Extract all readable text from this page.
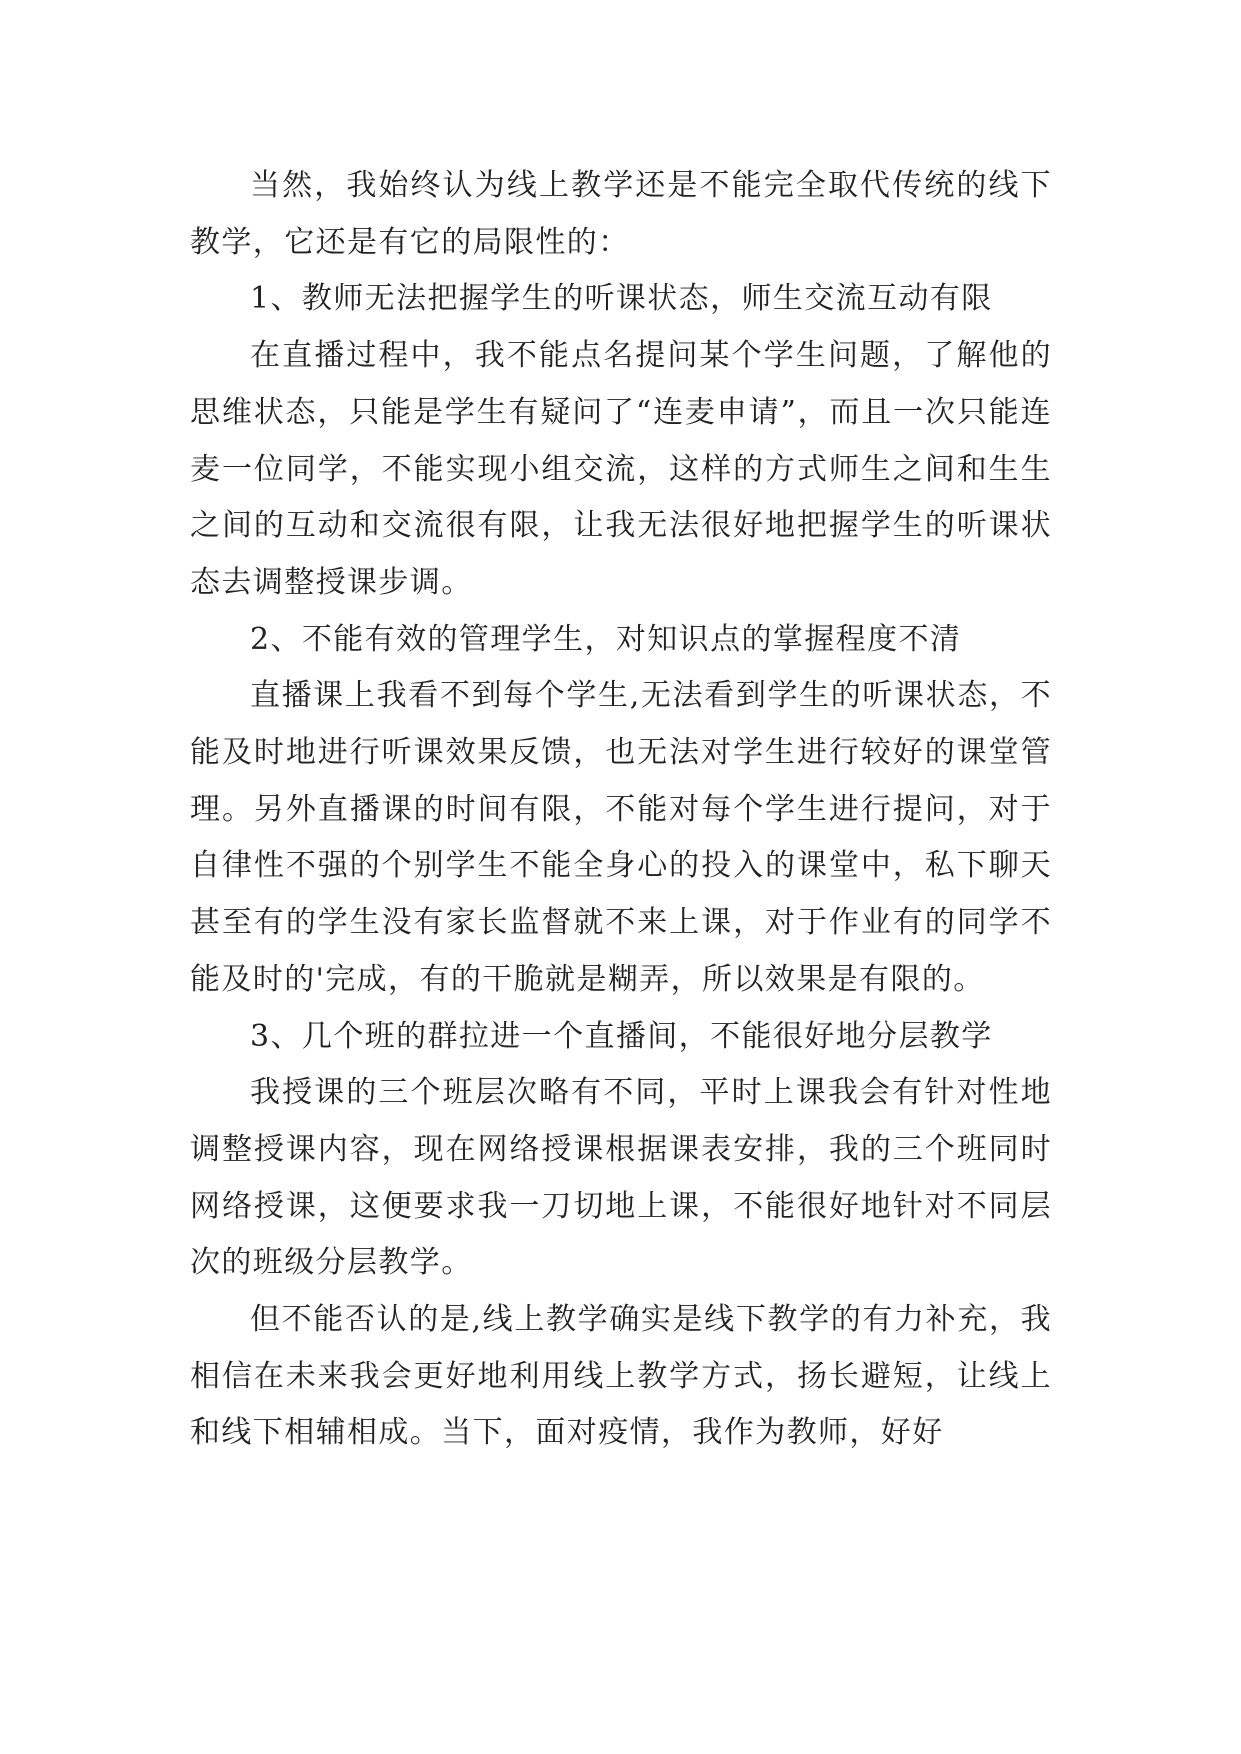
当然，我始终认为线上教学还是不能完全取代传统的线下教学，它还是有它的局限性的：

1、教师无法把握学生的听课状态，师生交流互动有限

在直播过程中，我不能点名提问某个学生问题，了解他的思维状态，只能是学生有疑问了“连麦申请”，而且一次只能连麦一位同学，不能实现小组交流，这样的方式师生之间和生生之间的互动和交流很有限，让我无法很好地把握学生的听课状态去调整授课步调。

2、不能有效的管理学生，对知识点的掌握程度不清

直播课上我看不到每个学生,无法看到学生的听课状态，不能及时地进行听课效果反馈，也无法对学生进行较好的课堂管理。另外直播课的时间有限，不能对每个学生进行提问，对于自律性不强的个别学生不能全身心的投入的课堂中，私下聊天甚至有的学生没有家长监督就不来上课，对于作业有的同学不能及时的'完成，有的干脆就是糊弄，所以效果是有限的。

3、几个班的群拉进一个直播间，不能很好地分层教学

我授课的三个班层次略有不同，平时上课我会有针对性地调整授课内容，现在网络授课根据课表安排，我的三个班同时网络授课，这便要求我一刀切地上课，不能很好地针对不同层次的班级分层教学。

但不能否认的是,线上教学确实是线下教学的有力补充，我相信在未来我会更好地利用线上教学方式，扬长避短，让线上和线下相辅相成。当下，面对疫情，我作为教师，好好
